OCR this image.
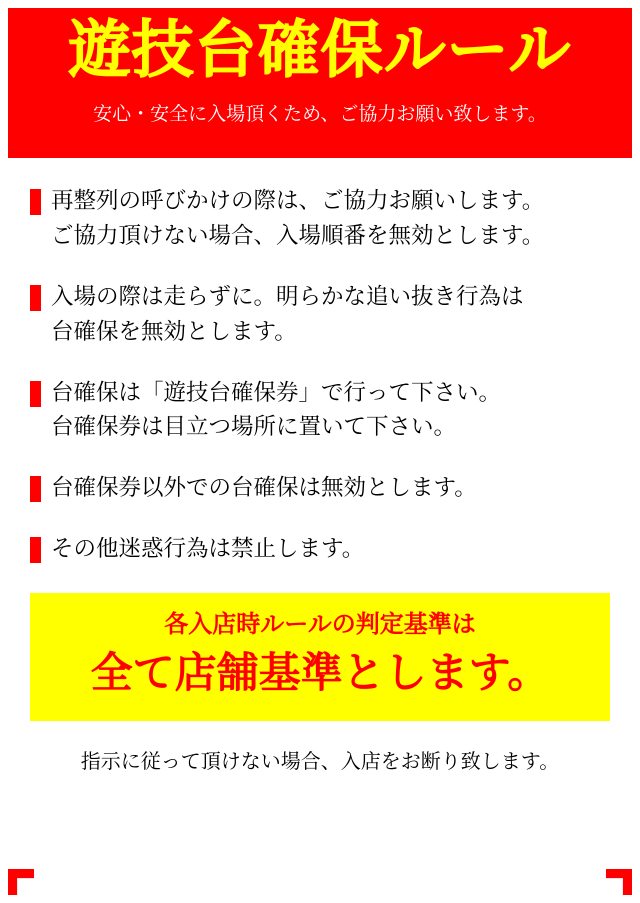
遊技台確保ルール
安心・安全に入場頂くため、ご協力お願い致します。
再整列の呼びかけの際は、ご協力お願いします。
ご協力頂けない場合、入場順番を無効とします。
入場の際は走らずに。明らかな追い抜き行為は
台確保を無効とします。
台確保は「遊技台確保券」で行って下さい。
台確保券は目立つ場所に置いて下さい。
台確保券以外での台確保は無効とします。
その他迷惑行為は禁止します。
各入店時ルールの判定基準は
全て店舗基準とします。
指示に従って頂けない場合、入店をお断り致します。
